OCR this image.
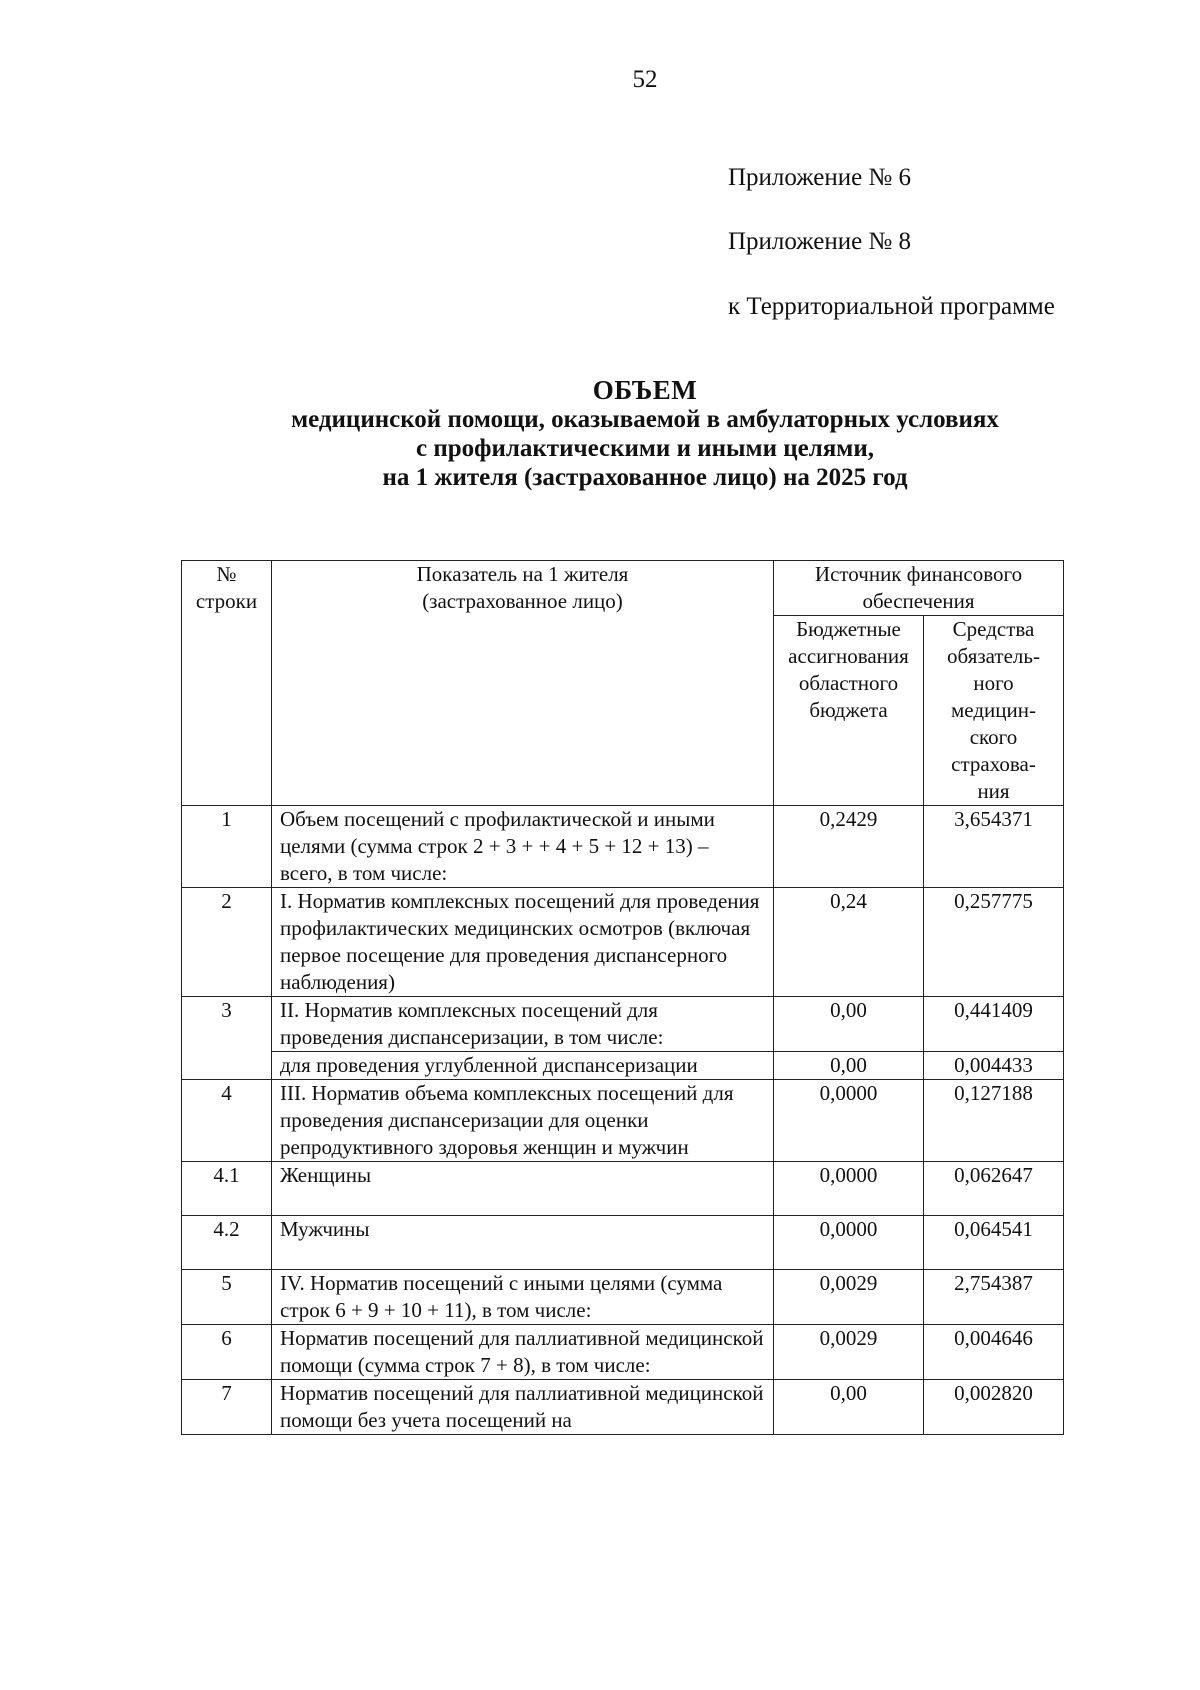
52
Приложение № 6
Приложение № 8
к Территориальной программе
ОБЪЕМ
медицинской помощи, оказываемой в амбулаторных условиях
с профилактическими и иными целями,
на 1 жителя (застрахованное лицо) на 2025 год
№ строки	Показатель на 1 жителя (застрахованное лицо)	Источник финансового обеспечения	
		Бюджетные ассигнования областного бюджета	Средства обязатель- ного медицин- ского страхова- ния
1	Объем посещений с профилактической и иными целями (сумма строк 2 + 3 + + 4 + 5 + 12 + 13) – всего, в том числе:	0,2429	3,654371
2	I. Норматив комплексных посещений для проведения профилактических медицинских осмотров (включая первое посещение для проведения диспансерного наблюдения)	0,24	0,257775
3	II. Норматив комплексных посещений для проведения диспансеризации, в том числе:	0,00	0,441409
	для проведения углубленной диспансеризации	0,00	0,004433
4	III. Норматив объема комплексных посещений для проведения диспансеризации для оценки репродуктивного здоровья женщин и мужчин	0,0000	0,127188
4.1	Женщины	0,0000	0,062647
4.2	Мужчины	0,0000	0,064541
5	IV. Норматив посещений с иными целями (сумма строк 6 + 9 + 10 + 11), в том числе:	0,0029	2,754387
6	Норматив посещений для паллиативной медицинской помощи (сумма строк 7 + 8), в том числе:	0,0029	0,004646
7	Норматив посещений для паллиативной медицинской помощи без учета посещений на	0,00	0,002820
